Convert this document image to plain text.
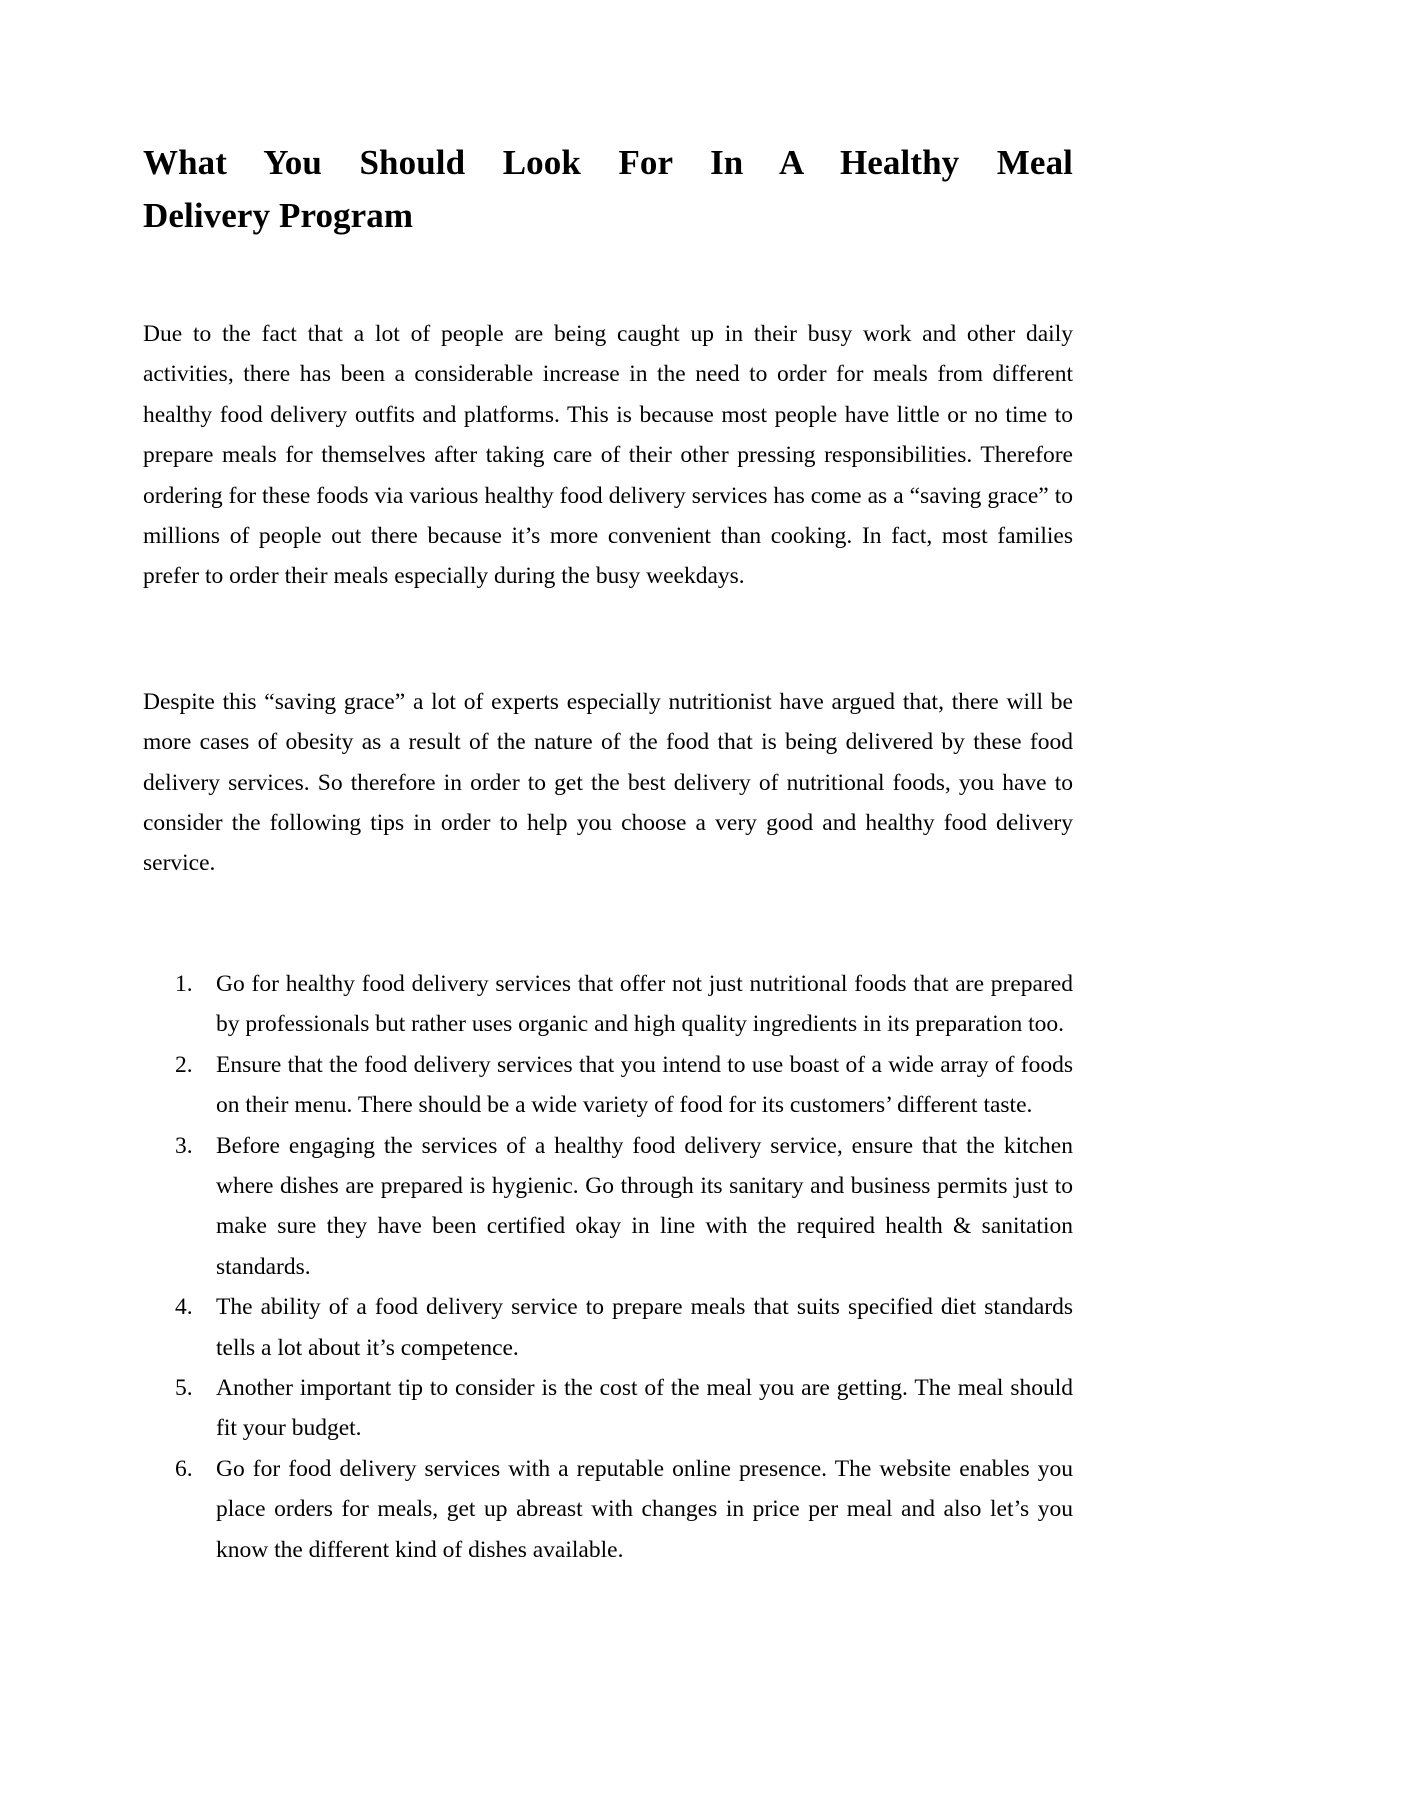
What You Should Look For In A Healthy Meal
Delivery Program

Due to the fact that a lot of people are being caught up in their busy work and other daily activities, there has been a considerable increase in the need to order for meals from different healthy food delivery outfits and platforms. This is because most people have little or no time to prepare meals for themselves after taking care of their other pressing responsibilities. Therefore ordering for these foods via various healthy food delivery services has come as a “saving grace” to millions of people out there because it’s more convenient than cooking. In fact, most families prefer to order their meals especially during the busy weekdays.

Despite this “saving grace” a lot of experts especially nutritionist have argued that, there will be more cases of obesity as a result of the nature of the food that is being delivered by these food delivery services. So therefore in order to get the best delivery of nutritional foods, you have to consider the following tips in order to help you choose a very good and healthy food delivery service.

1. Go for healthy food delivery services that offer not just nutritional foods that are prepared by professionals but rather uses organic and high quality ingredients in its preparation too.
2. Ensure that the food delivery services that you intend to use boast of a wide array of foods on their menu. There should be a wide variety of food for its customers’ different taste.
3. Before engaging the services of a healthy food delivery service, ensure that the kitchen where dishes are prepared is hygienic. Go through its sanitary and business permits just to make sure they have been certified okay in line with the required health & sanitation standards.
4. The ability of a food delivery service to prepare meals that suits specified diet standards tells a lot about it’s competence.
5. Another important tip to consider is the cost of the meal you are getting. The meal should fit your budget.
6. Go for food delivery services with a reputable online presence. The website enables you place orders for meals, get up abreast with changes in price per meal and also let’s you know the different kind of dishes available.
